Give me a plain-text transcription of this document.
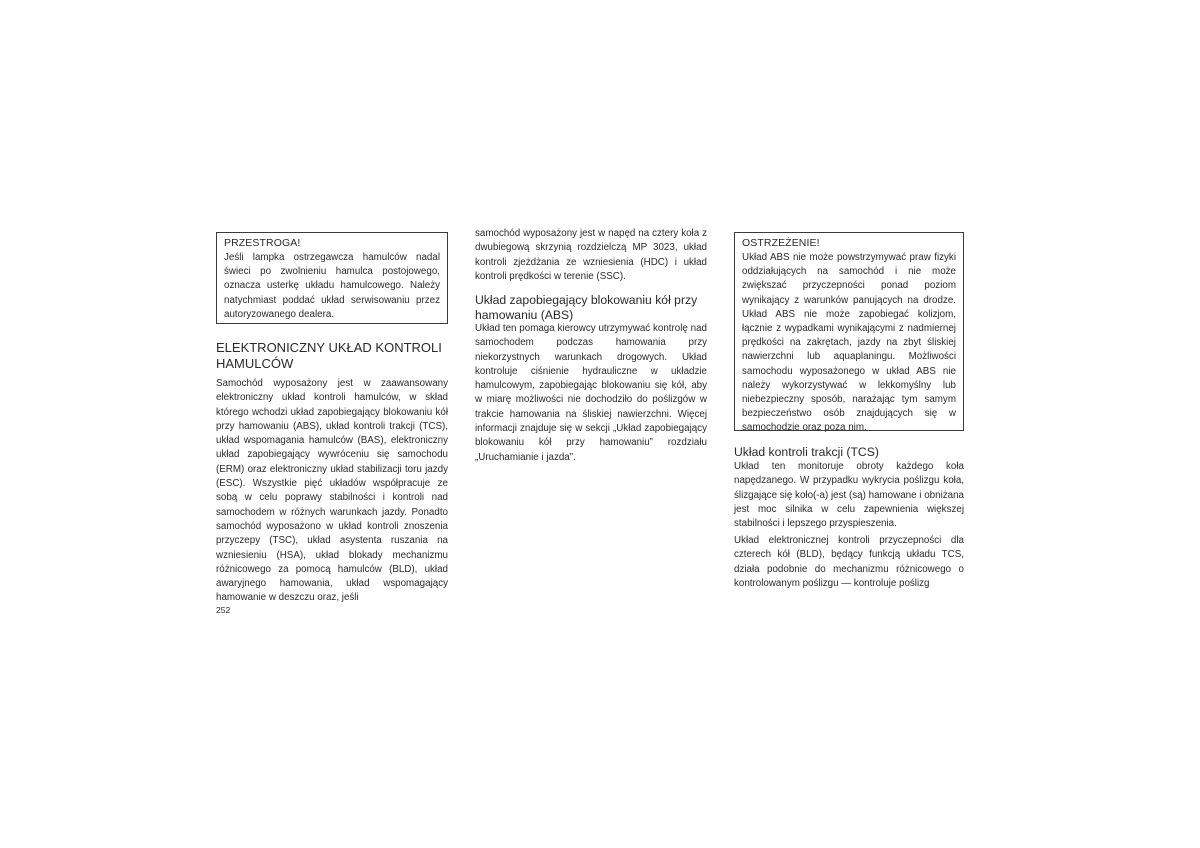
PRZESTROGA!
Jeśli lampka ostrzegawcza hamulców nadal świeci po zwolnieniu hamulca postojowego, oznacza usterkę układu hamulcowego. Należy natychmiast poddać układ serwisowaniu przez autoryzowanego dealera.
ELEKTRONICZNY UKŁAD KONTROLI HAMULCÓW

Samochód wyposażony jest w zaawansowany elektroniczny układ kontroli hamulców, w skład którego wchodzi układ zapobiegający blokowaniu kół przy hamowaniu (ABS), układ kontroli trakcji (TCS), układ wspomagania hamulców (BAS), elektroniczny układ zapobiegający wywróceniu się samochodu (ERM) oraz elektroniczny układ stabilizacji toru jazdy (ESC). Wszystkie pięć układów współpracuje ze sobą w celu poprawy stabilności i kontroli nad samochodem w różnych warunkach jazdy. Ponadto samochód wyposażono w układ kontroli znoszenia przyczepy (TSC), układ asystenta ruszania na wzniesieniu (HSA), układ blokady mechanizmu różnicowego za pomocą hamulców (BLD), układ awaryjnego hamowania, układ wspomagający hamowanie w deszczu oraz, jeśli

samochód wyposażony jest w napęd na cztery koła z dwubiegową skrzynią rozdzielczą MP 3023, układ kontroli zjeżdżania ze wzniesienia (HDC) i układ kontroli prędkości w terenie (SSC).

Układ zapobiegający blokowaniu kół przy hamowaniu (ABS)

Układ ten pomaga kierowcy utrzymywać kontrolę nad samochodem podczas hamowania przy niekorzystnych warunkach drogowych. Układ kontroluje ciśnienie hydrauliczne w układzie hamulcowym, zapobiegając blokowaniu się kół, aby w miarę możliwości nie dochodziło do poślizgów w trakcie hamowania na śliskiej nawierzchni. Więcej informacji znajduje się w sekcji „Układ zapobiegający blokowaniu kół przy hamowaniu” rozdziału „Uruchamianie i jazda”.

OSTRZEŻENIE!
Układ ABS nie może powstrzymywać praw fizyki oddziałujących na samochód i nie może zwiększać przyczepności ponad poziom wynikający z warunków panujących na drodze. Układ ABS nie może zapobiegać kolizjom, łącznie z wypadkami wynikającymi z nadmiernej prędkości na zakrętach, jazdy na zbyt śliskiej nawierzchni lub aquaplaningu. Możliwości samochodu wyposażonego w układ ABS nie należy wykorzystywać w lekkomyślny lub niebezpieczny sposób, narażając tym samym bezpieczeństwo osób znajdujących się w samochodzie oraz poza nim.
Układ kontroli trakcji (TCS)

Układ ten monitoruje obroty każdego koła napędzanego. W przypadku wykrycia poślizgu koła, ślizgające się koło(-a) jest (są) hamowane i obniżana jest moc silnika w celu zapewnienia większej stabilności i lepszego przyspieszenia.

Układ elektronicznej kontroli przyczepności dla czterech kół (BLD), będący funkcją układu TCS, działa podobnie do mechanizmu różnicowego o kontrolowanym poślizgu — kontroluje poślizg

252
